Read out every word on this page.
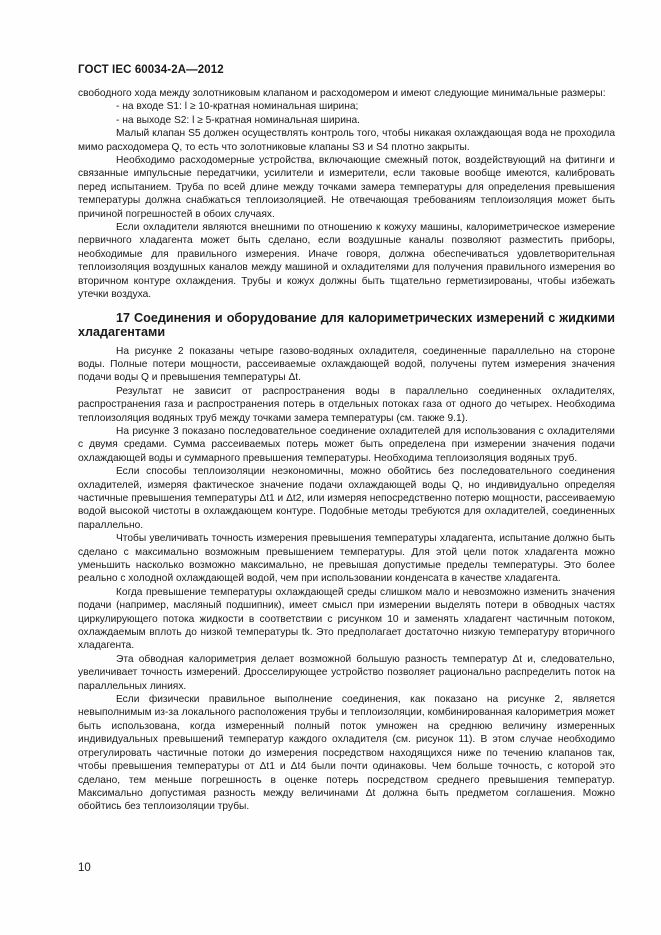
ГОСТ IEC 60034-2А—2012

свободного хода между золотниковым клапаном и расходомером и имеют следующие минимальные размеры:

- на входе S1: l ≥ 10-кратная номинальная ширина;

- на выходе S2: l ≥ 5-кратная номинальная ширина.

Малый клапан S5 должен осуществлять контроль того, чтобы никакая охлаждающая вода не проходила мимо расходомера Q, то есть что золотниковые клапаны S3 и S4 плотно закрыты.

Необходимо расходомерные устройства, включающие смежный поток, воздействующий на фитинги и связанные импульсные передатчики, усилители и измерители, если таковые вообще имеются, калибровать перед испытанием. Труба по всей длине между точками замера температуры для определения превышения температуры должна снабжаться теплоизоляцией. Не отвечающая требованиям теплоизоляция может быть причиной погрешностей в обоих случаях.

Если охладители являются внешними по отношению к кожуху машины, калориметрическое измерение первичного хладагента может быть сделано, если воздушные каналы позволяют разместить приборы, необходимые для правильного измерения. Иначе говоря, должна обеспечиваться удовлетворительная теплоизоляция воздушных каналов между машиной и охладителями для получения правильного измерения во вторичном контуре охлаждения. Трубы и кожух должны быть тщательно герметизированы, чтобы избежать утечки воздуха.

17 Соединения и оборудование для калориметрических измерений с жидкими хладагентами

На рисунке 2 показаны четыре газово-водяных охладителя, соединенные параллельно на стороне воды. Полные потери мощности, рассеиваемые охлаждающей водой, получены путем измерения значения подачи воды Q и превышения температуры Δt.

Результат не зависит от распространения воды в параллельно соединенных охладителях, распространения газа и распространения потерь в отдельных потоках газа от одного до четырех. Необходима теплоизоляция водяных труб между точками замера температуры (см. также 9.1).

На рисунке 3 показано последовательное соединение охладителей для использования с охладителями с двумя средами. Сумма рассеиваемых потерь может быть определена при измерении значения подачи охлаждающей воды и суммарного превышения температуры. Необходима теплоизоляция водяных труб.

Если способы теплоизоляции неэкономичны, можно обойтись без последовательного соединения охладителей, измеряя фактическое значение подачи охлаждающей воды Q, но индивидуально определяя частичные превышения температуры Δt1 и Δt2, или измеряя непосредственно потерю мощности, рассеиваемую водой высокой чистоты в охлаждающем контуре. Подобные методы требуются для охладителей, соединенных параллельно.

Чтобы увеличивать точность измерения превышения температуры хладагента, испытание должно быть сделано с максимально возможным превышением температуры. Для этой цели поток хладагента можно уменьшить насколько возможно максимально, не превышая допустимые пределы температуры. Это более реально с холодной охлаждающей водой, чем при использовании конденсата в качестве хладагента.

Когда превышение температуры охлаждающей среды слишком мало и невозможно изменить значения подачи (например, масляный подшипник), имеет смысл при измерении выделять потери в обводных частях циркулирующего потока жидкости в соответствии с рисунком 10 и заменять хладагент частичным потоком, охлаждаемым вплоть до низкой температуры tk. Это предполагает достаточно низкую температуру вторичного хладагента.

Эта обводная калориметрия делает возможной большую разность температур Δt и, следовательно, увеличивает точность измерений. Дросселирующее устройство позволяет рационально распределить поток на параллельных линиях.

Если физически правильное выполнение соединения, как показано на рисунке 2, является невыполнимым из-за локального расположения трубы и теплоизоляции, комбинированная калориметрия может быть использована, когда измеренный полный поток умножен на среднюю величину измеренных индивидуальных превышений температур каждого охладителя (см. рисунок 11). В этом случае необходимо отрегулировать частичные потоки до измерения посредством находящихся ниже по течению клапанов так, чтобы превышения температуры от Δt1 и Δt4 были почти одинаковы. Чем больше точность, с которой это сделано, тем меньше погрешность в оценке потерь посредством среднего превышения температур. Максимально допустимая разность между величинами Δt должна быть предметом соглашения. Можно обойтись без теплоизоляции трубы.

10
